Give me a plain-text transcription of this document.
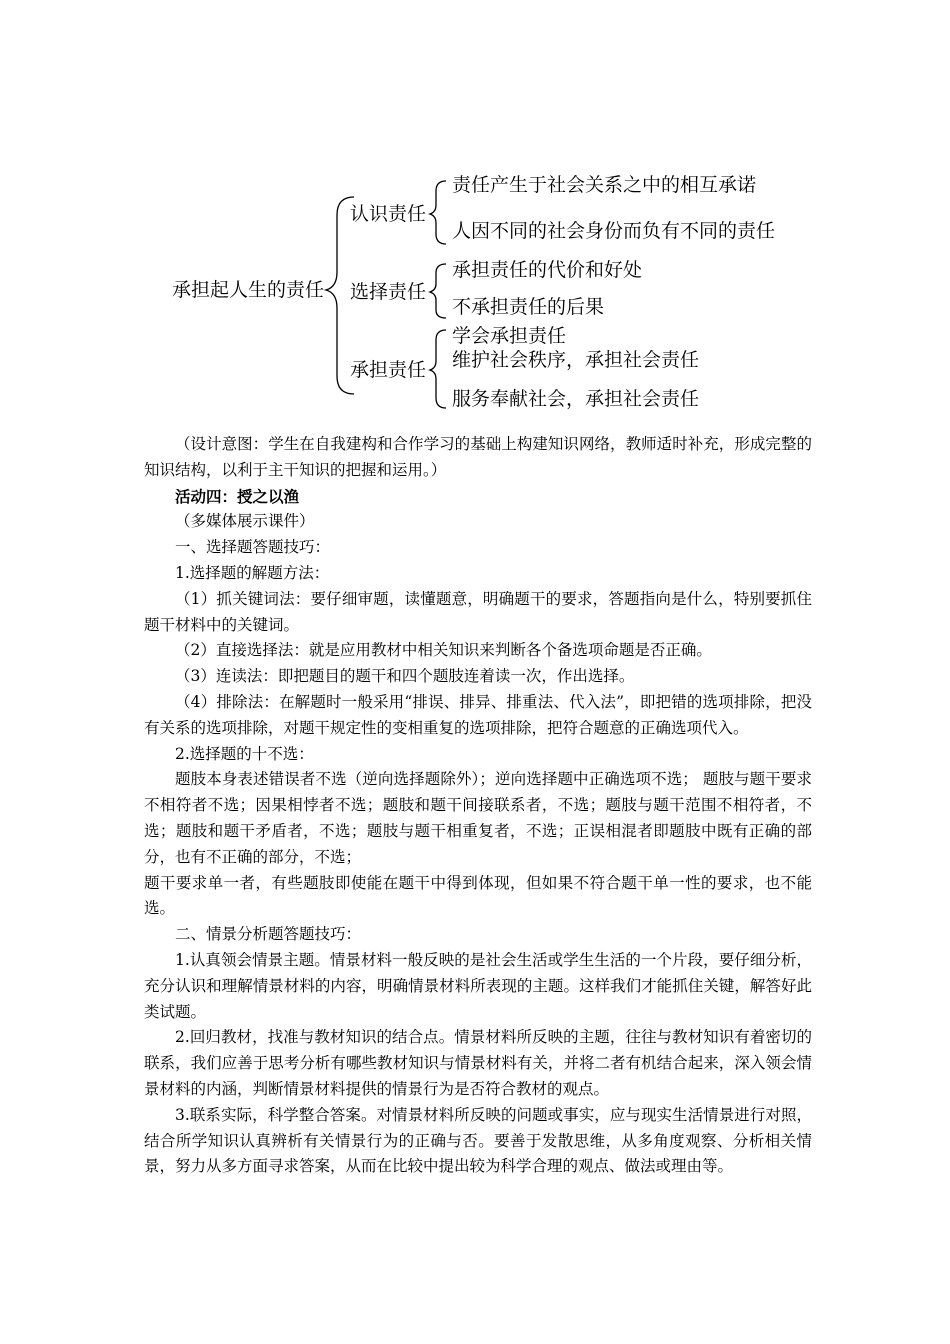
承担起人生的责任
认识责任
选择责任
承担责任
责任产生于社会关系之中的相互承诺
人因不同的社会身份而负有不同的责任
承担责任的代价和好处
不承担责任的后果
学会承担责任
维护社会秩序，承担社会责任
服务奉献社会，承担社会责任

（设计意图：学生在自我建构和合作学习的基础上构建知识网络，教师适时补充，形成完整的知识结构，以利于主干知识的把握和运用。）

活动四：授之以渔

（多媒体展示课件）

一、选择题答题技巧：

1.选择题的解题方法：

（1）抓关键词法：要仔细审题，读懂题意，明确题干的要求，答题指向是什么，特别要抓住题干材料中的关键词。

（2）直接选择法：就是应用教材中相关知识来判断各个备选项命题是否正确。

（3）连读法：即把题目的题干和四个题肢连着读一次，作出选择。

（4）排除法：在解题时一般采用“排误、排异、排重法、代入法”，即把错的选项排除，把没有关系的选项排除，对题干规定性的变相重复的选项排除，把符合题意的正确选项代入。

2.选择题的十不选：

题肢本身表述错误者不选（逆向选择题除外）；逆向选择题中正确选项不选； 题肢与题干要求不相符者不选；因果相悖者不选；题肢和题干间接联系者，不选；题肢与题干范围不相符者，不选；题肢和题干矛盾者，不选；题肢与题干相重复者，不选；正误相混者即题肢中既有正确的部分，也有不正确的部分，不选；

题干要求单一者，有些题肢即使能在题干中得到体现，但如果不符合题干单一性的要求，也不能选。

二、情景分析题答题技巧：

1.认真领会情景主题。情景材料一般反映的是社会生活或学生生活的一个片段，要仔细分析，充分认识和理解情景材料的内容，明确情景材料所表现的主题。这样我们才能抓住关键，解答好此类试题。

2.回归教材，找准与教材知识的结合点。情景材料所反映的主题，往往与教材知识有着密切的联系，我们应善于思考分析有哪些教材知识与情景材料有关，并将二者有机结合起来，深入领会情景材料的内涵，判断情景材料提供的情景行为是否符合教材的观点。

3.联系实际，科学整合答案。对情景材料所反映的问题或事实，应与现实生活情景进行对照，结合所学知识认真辨析有关情景行为的正确与否。要善于发散思维，从多角度观察、分析相关情景，努力从多方面寻求答案，从而在比较中提出较为科学合理的观点、做法或理由等。
